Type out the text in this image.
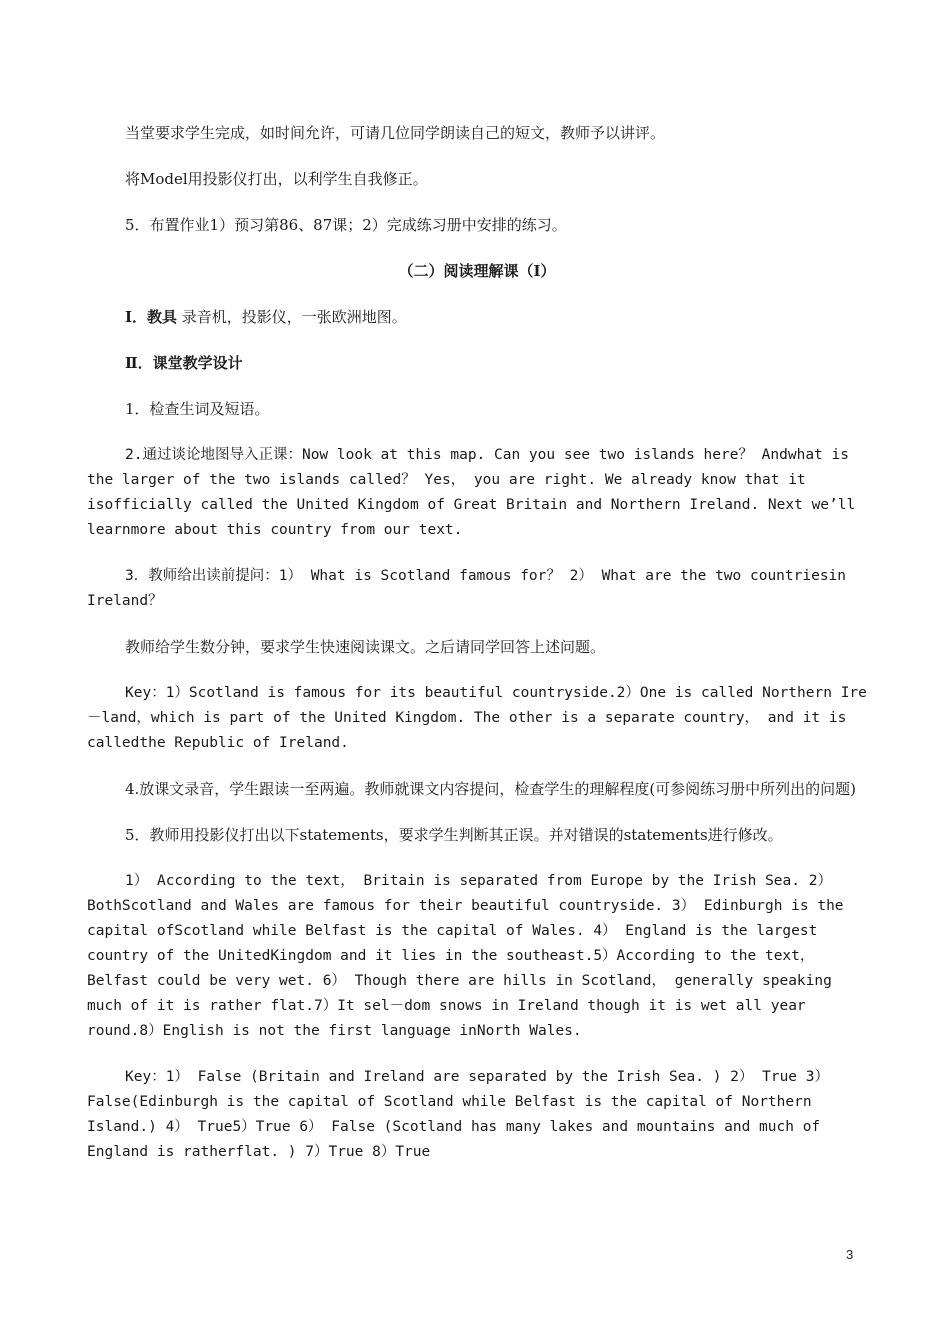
当堂要求学生完成，如时间允许，可请几位同学朗读自己的短文，教师予以讲评。

将Model用投影仪打出，以利学生自我修正。

5．布置作业1）预习第86、87课；2）完成练习册中安排的练习。

（二）阅读理解课（Ⅰ）

Ⅰ．教具 录音机，投影仪，一张欧洲地图。

Ⅱ．课堂教学设计

1．检查生词及短语。

2.通过谈论地图导入正课：Now look at this map. Can you see two islands here？ Andwhat is the larger of the two islands called？ Yes， you are right. We already know that it isofficially called the United Kingdom of Great Britain and Northern Ireland. Next we’ll learnmore about this country from our text.

3．教师给出读前提问：1） What is Scotland famous for？ 2） What are the two countriesin Ireland？

教师给学生数分钟，要求学生快速阅读课文。之后请同学回答上述问题。

Key：1）Scotland is famous for its beautiful countryside.2）One is called Northern Ire－land，which is part of the United Kingdom. The other is a separate country， and it is calledthe Republic of Ireland.

4.放课文录音，学生跟读一至两遍。教师就课文内容提问，检查学生的理解程度(可参阅练习册中所列出的问题)

5．教师用投影仪打出以下statements，要求学生判断其正误。并对错误的statements进行修改。

1） According to the text， Britain is separated from Europe by the Irish Sea. 2）BothScotland and Wales are famous for their beautiful countryside. 3） Edinburgh is the capital ofScotland while Belfast is the capital of Wales. 4） England is the largest country of the UnitedKingdom and it lies in the southeast.5）According to the text，Belfast could be very wet. 6） Though there are hills in Scotland， generally speaking much of it is rather flat.7）It sel－dom snows in Ireland though it is wet all year round.8）English is not the first language inNorth Wales.

Key：1） False (Britain and Ireland are separated by the Irish Sea. ) 2） True 3）False(Edinburgh is the capital of Scotland while Belfast is the capital of Northern Island.) 4） True5）True 6） False (Scotland has many lakes and mountains and much of England is ratherflat. ) 7）True 8）True

3
